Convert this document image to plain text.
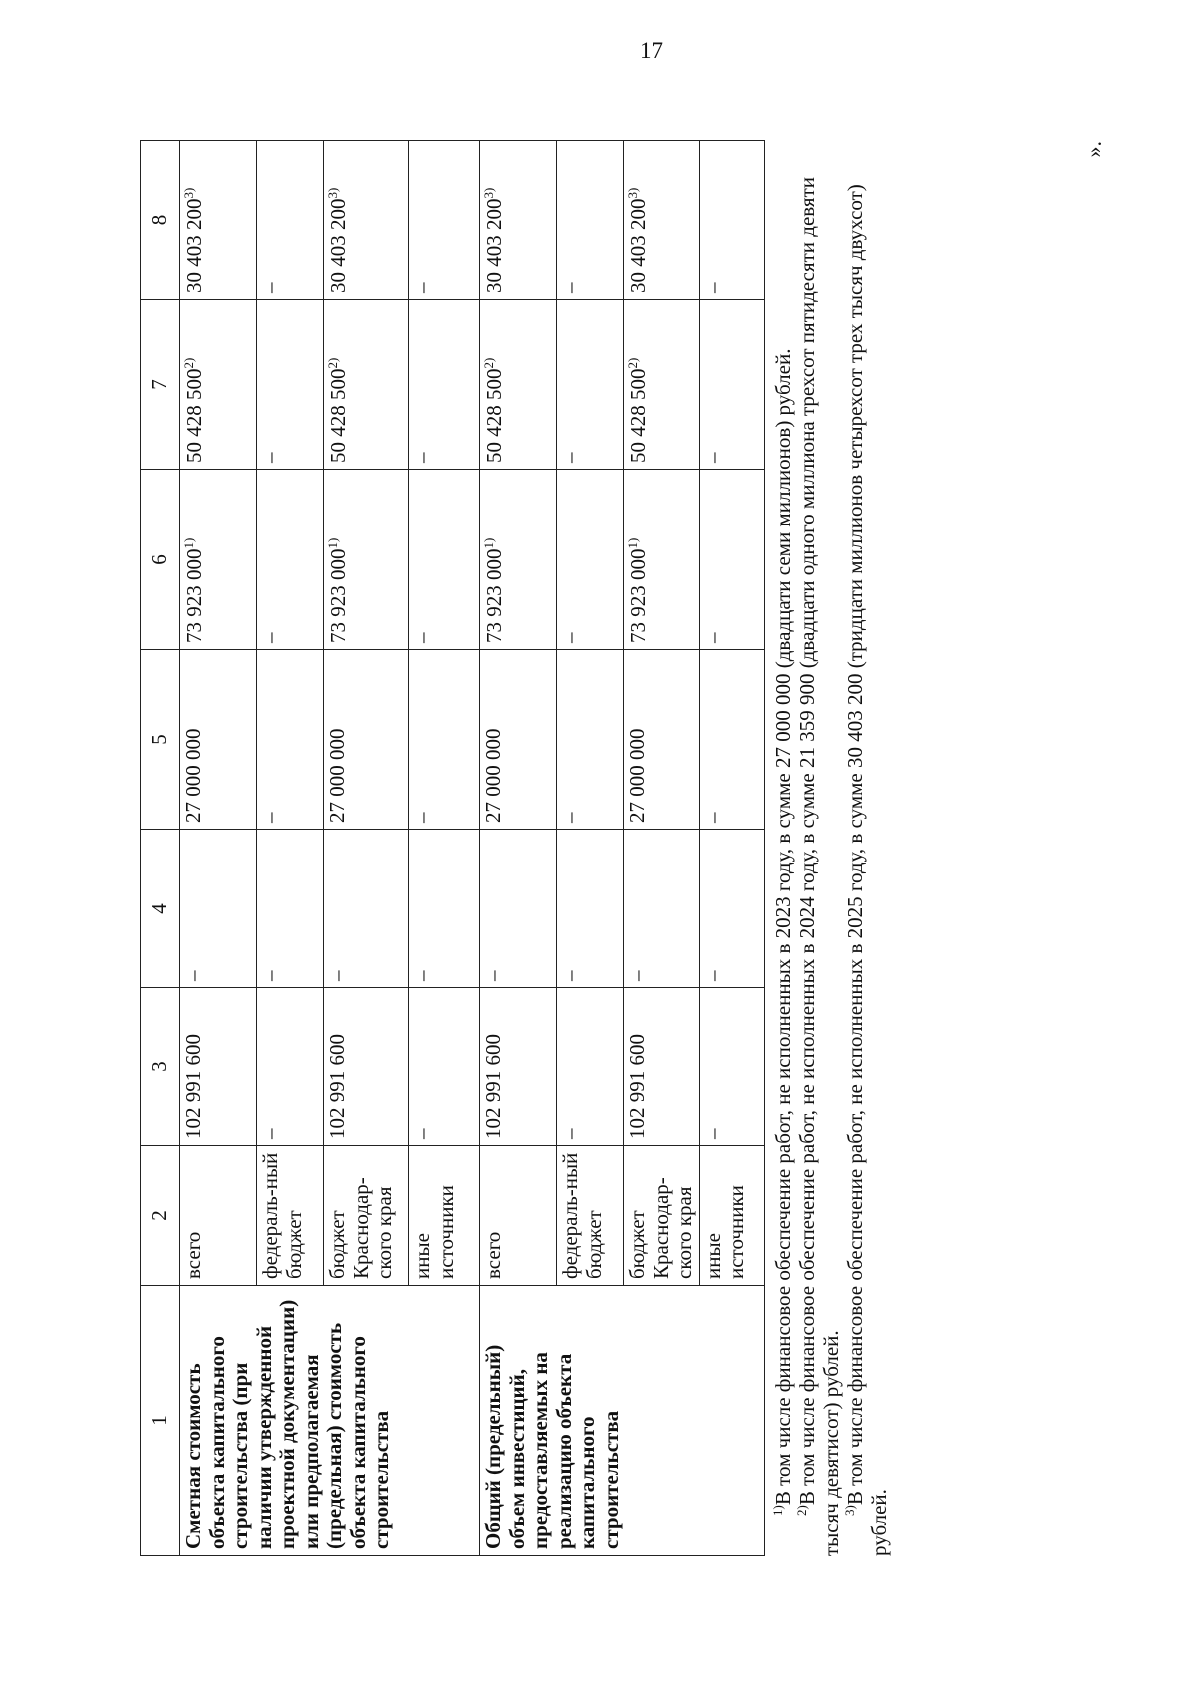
17
1	2	3	4	5	6	7	8
Сметная стоимость объекта капитального строительства (при наличии утвержденной проектной документации) или предполагаемая (предельная) стоимость объекта капитального строительства	всего	102 991 600	–	27 000 000	73 923 000$^{1)}$	50 428 500$^{2)}$	30 403 200$^{3)}$
	федераль-ный бюджет	–	–	–	–	–	–
	бюджет Краснодар-ского края	102 991 600	–	27 000 000	73 923 000$^{1)}$	50 428 500$^{2)}$	30 403 200$^{3)}$
	иные источники	–	–	–	–	–	–
Общий (предельный) объем инвестиций, предоставляемых на реализацию объекта капитального строительства	всего	102 991 600	–	27 000 000	73 923 000$^{1)}$	50 428 500$^{2)}$	30 403 200$^{3)}$
	федераль-ный бюджет	–	–	–	–	–	–
	бюджет Краснодар-ского края	102 991 600	–	27 000 000	73 923 000$^{1)}$	50 428 500$^{2)}$	30 403 200$^{3)}$
	иные источники	–	–	–	–	–	–

$^{1)}$В том числе финансовое обеспечение работ, не исполненных в 2023 году, в сумме 27 000 000 (двадцати семи миллионов) рублей.

$^{2)}$В том числе финансовое обеспечение работ, не исполненных в 2024 году, в сумме 21 359 900 (двадцати одного миллиона трехсот пятидесяти девяти тысяч девятисот) рублей. $^{3)}$В том числе финансовое обеспечение работ, не исполненных в 2025 году, в сумме 30 403 200 (тридцати миллионов четырехсот трех тысяч двухсот) рублей.

».
